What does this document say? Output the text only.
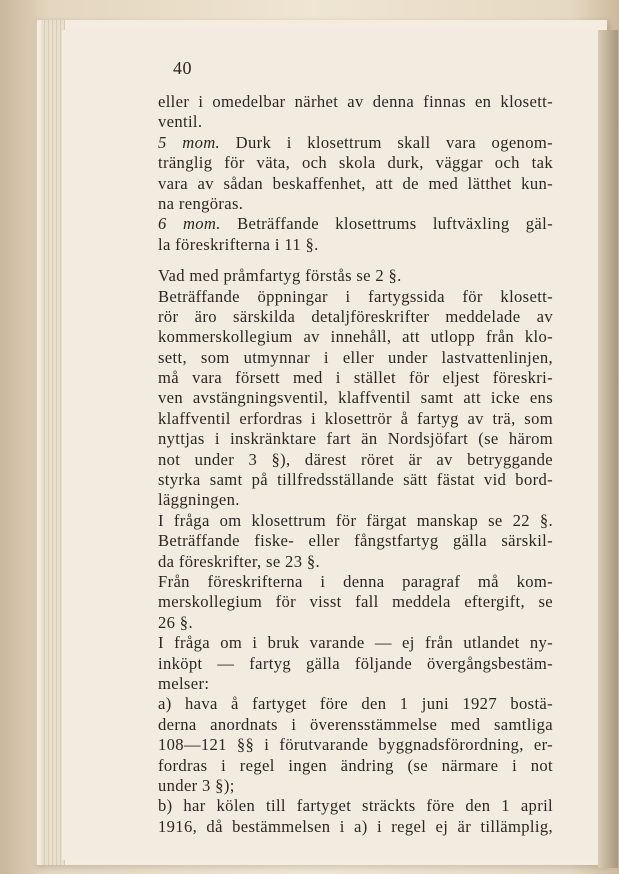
40
eller i omedelbar närhet av denna finnas en klosett-
ventil.
5 mom. Durk i klosettrum skall vara ogenom-
tränglig för väta, och skola durk, väggar och tak
vara av sådan beskaffenhet, att de med lätthet kun-
na rengöras.
6 mom. Beträffande klosettrums luftväxling gäl-
la föreskrifterna i 11 §.
Vad med pråmfartyg förstås se 2 §.
Beträffande öppningar i fartygssida för klosett-
rör äro särskilda detaljföreskrifter meddelade av
kommerskollegium av innehåll, att utlopp från klo-
sett, som utmynnar i eller under lastvattenlinjen,
må vara försett med i stället för eljest föreskri-
ven avstängningsventil, klaffventil samt att icke ens
klaffventil erfordras i klosettrör å fartyg av trä, som
nyttjas i inskränktare fart än Nordsjöfart (se härom
not under 3 §), därest röret är av betryggande
styrka samt på tillfredsställande sätt fästat vid bord-
läggningen.
I fråga om klosettrum för färgat manskap se 22 §.
Beträffande fiske- eller fångstfartyg gälla särskil-
da föreskrifter, se 23 §.
Från föreskrifterna i denna paragraf må kom-
merskollegium för visst fall meddela eftergift, se
26 §.
I fråga om i bruk varande — ej från utlandet ny-
inköpt — fartyg gälla följande övergångsbestäm-
melser:
a) hava å fartyget före den 1 juni 1927 bostä-
derna anordnats i överensstämmelse med samtliga
108—121 §§ i förutvarande byggnadsförordning, er-
fordras i regel ingen ändring (se närmare i not
under 3 §);
b) har kölen till fartyget sträckts före den 1 april
1916, då bestämmelsen i a) i regel ej är tillämplig,
